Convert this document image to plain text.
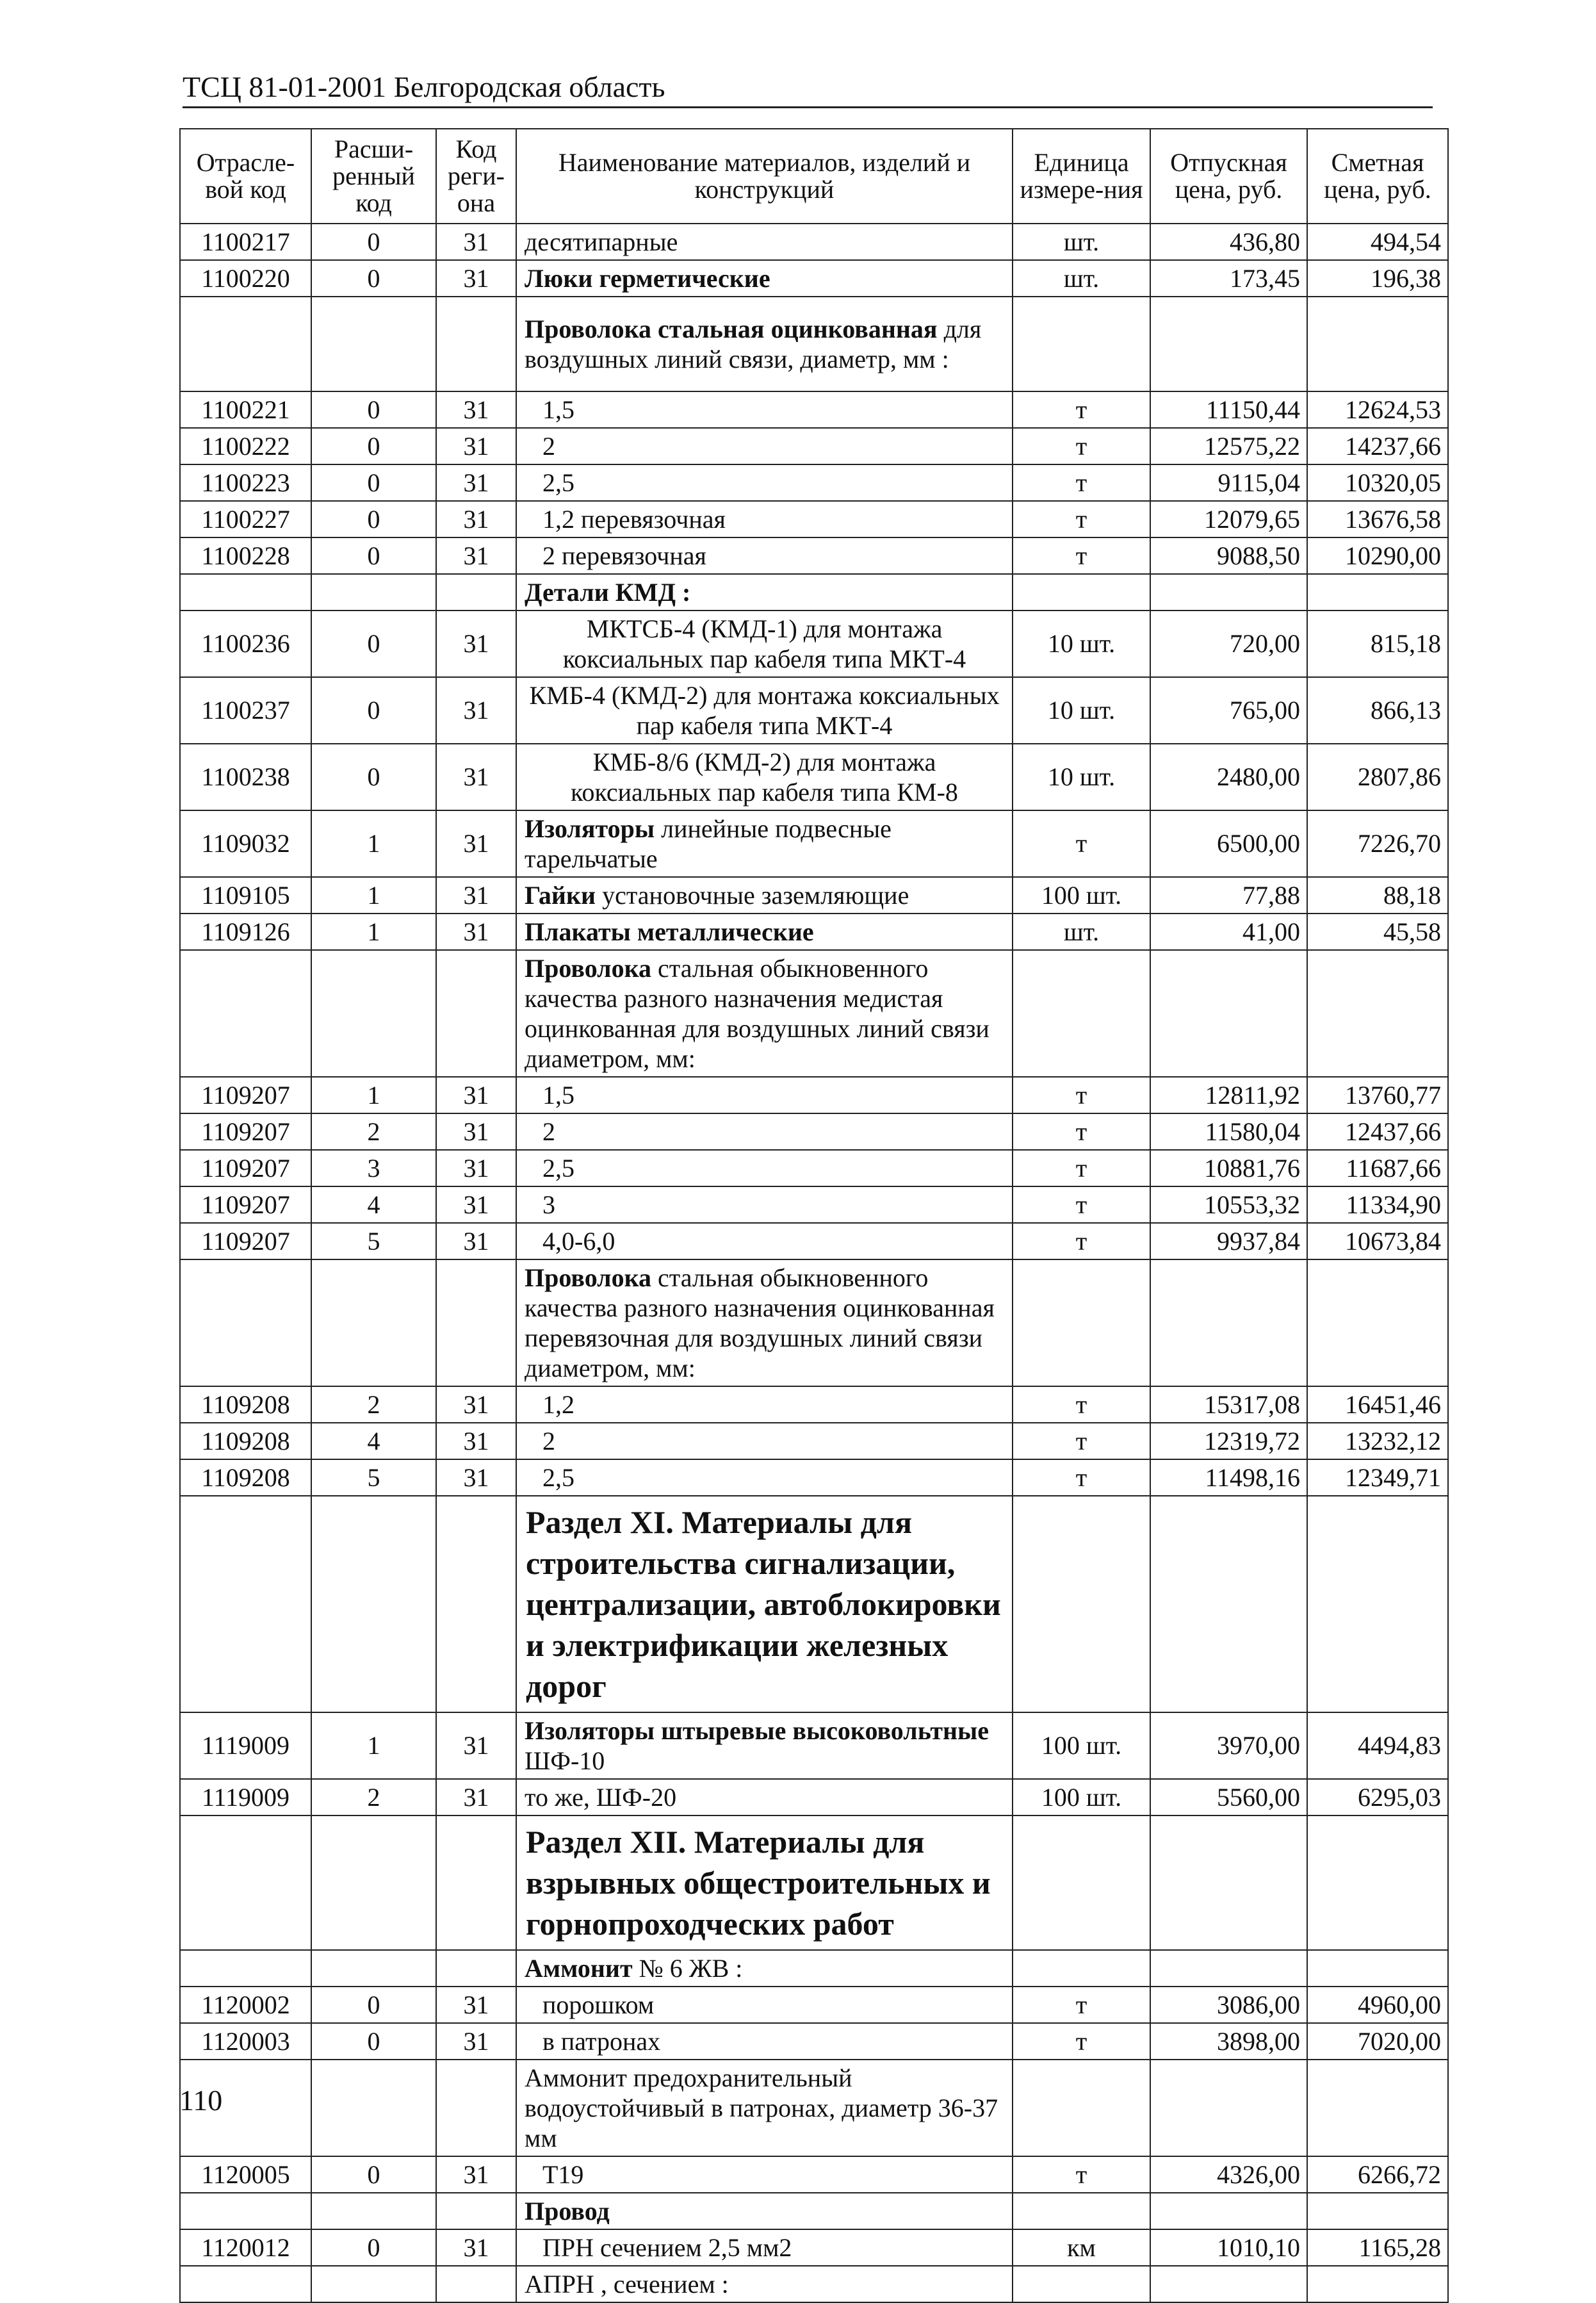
ТСЦ 81-01-2001 Белгородская область
Отрасле-вой код	Расши-ренный код	Код реги-она	Наименование материалов, изделий и конструкций	Единица измере-ния	Отпускная цена, руб.	Сметная цена, руб.
1100217	0	31	десятипарные	шт.	436,80	494,54
1100220	0	31	Люки герметические	шт.	173,45	196,38
			Проволока стальная оцинкованная для воздушных линий связи, диаметр, мм :			
1100221	0	31	1,5	т	11150,44	12624,53
1100222	0	31	2	т	12575,22	14237,66
1100223	0	31	2,5	т	9115,04	10320,05
1100227	0	31	1,2 перевязочная	т	12079,65	13676,58
1100228	0	31	2 перевязочная	т	9088,50	10290,00
			Детали КМД :			
1100236	0	31	МКТСБ-4 (КМД-1) для монтажа коксиальных пар кабеля типа МКТ-4	10 шт.	720,00	815,18
1100237	0	31	КМБ-4 (КМД-2) для монтажа коксиальных пар кабеля типа МКТ-4	10 шт.	765,00	866,13
1100238	0	31	КМБ-8/6 (КМД-2) для монтажа коксиальных пар кабеля типа КМ-8	10 шт.	2480,00	2807,86
1109032	1	31	Изоляторы линейные подвесные тарельчатые	т	6500,00	7226,70
1109105	1	31	Гайки установочные заземляющие	100 шт.	77,88	88,18
1109126	1	31	Плакаты металлические	шт.	41,00	45,58
			Проволока стальная обыкновенного качества разного назначения медистая оцинкованная для воздушных линий связи диаметром, мм:			
1109207	1	31	1,5	т	12811,92	13760,77
1109207	2	31	2	т	11580,04	12437,66
1109207	3	31	2,5	т	10881,76	11687,66
1109207	4	31	3	т	10553,32	11334,90
1109207	5	31	4,0-6,0	т	9937,84	10673,84
			Проволока стальная обыкновенного качества разного назначения оцинкованная перевязочная для воздушных линий связи диаметром, мм:			
1109208	2	31	1,2	т	15317,08	16451,46
1109208	4	31	2	т	12319,72	13232,12
1109208	5	31	2,5	т	11498,16	12349,71
			Раздел XI. Материалы для строительства сигнализации, централизации, автоблокировки и электрификации железных дорог			
1119009	1	31	Изоляторы штыревые высоковольтные ШФ-10	100 шт.	3970,00	4494,83
1119009	2	31	то же, ШФ-20	100 шт.	5560,00	6295,03
			Раздел XII. Материалы для взрывных общестроительных и горнопроходческих работ			
			Аммонит № 6 ЖВ :			
1120002	0	31	порошком	т	3086,00	4960,00
1120003	0	31	в патронах	т	3898,00	7020,00
			Аммонит предохранительный водоустойчивый в патронах, диаметр 36-37 мм			
1120005	0	31	Т19	т	4326,00	6266,72
			Провод			
1120012	0	31	ПРН сечением 2,5 мм2	км	1010,10	1165,28
			АПРН , сечением :			
110
